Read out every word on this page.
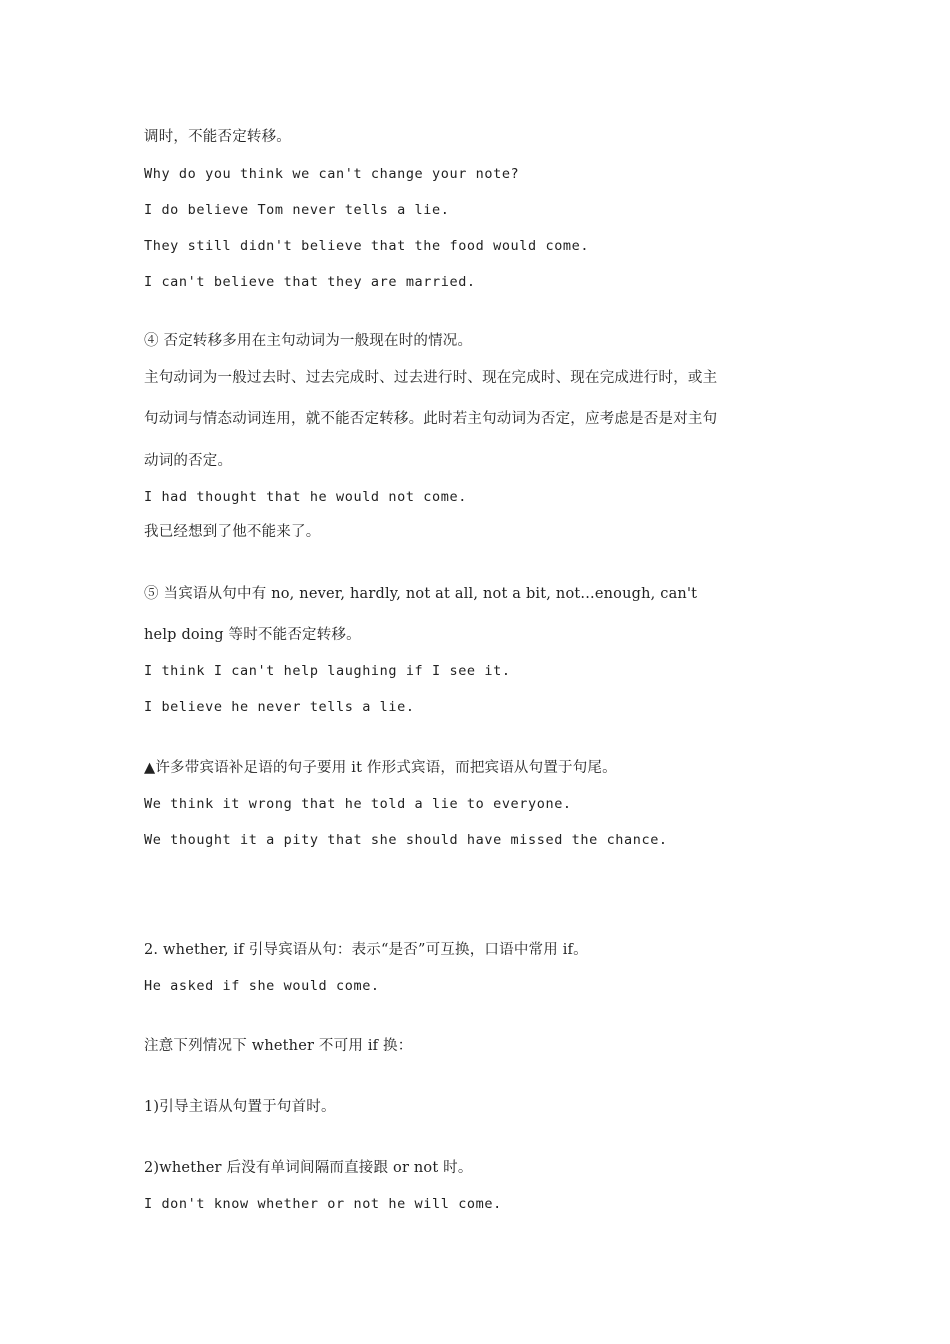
调时，不能否定转移。
Why do you think we can't change your note?
I do believe Tom never tells a lie.
They still didn't believe that the food would come.
I can't believe that they are married.
④ 否定转移多用在主句动词为一般现在时的情况。
主句动词为一般过去时、过去完成时、过去进行时、现在完成时、现在完成进行时，或主
句动词与情态动词连用，就不能否定转移。此时若主句动词为否定，应考虑是否是对主句
动词的否定。
I had thought that he would not come.
我已经想到了他不能来了。
⑤ 当宾语从句中有 no, never, hardly, not at all, not a bit, not...enough, can't
help doing 等时不能否定转移。
I think I can't help laughing if I see it.
I believe he never tells a lie.
▲许多带宾语补足语的句子要用 it 作形式宾语，而把宾语从句置于句尾。
We think it wrong that he told a lie to everyone.
We thought it a pity that she should have missed the chance.
2. whether, if 引导宾语从句：表示“是否”可互换，口语中常用 if。
He asked if she would come.
注意下列情况下 whether 不可用 if 换：
1)引导主语从句置于句首时。
2)whether 后没有单词间隔而直接跟 or not 时。
I don't know whether or not he will come.
